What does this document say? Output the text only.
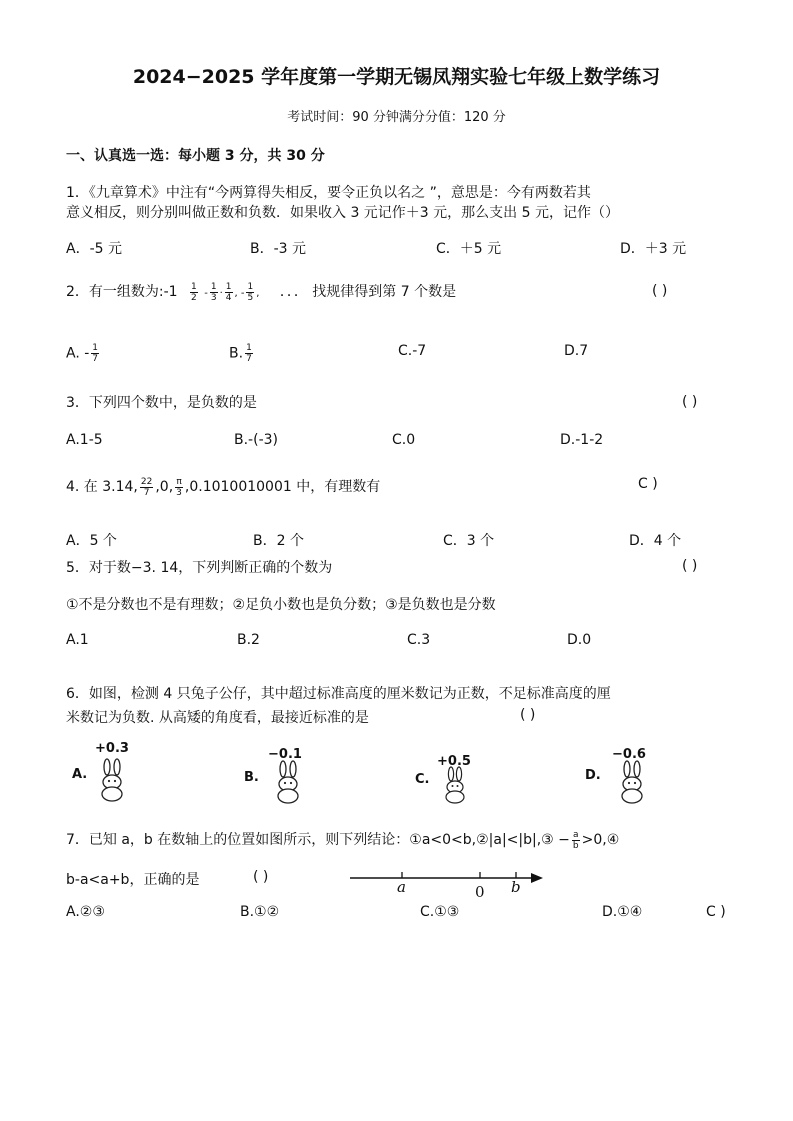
2024−2025 学年度第一学期无锡凤翔实验七年级上数学练习
考试时间：90 分钟满分分值：120 分
一、认真选一选：每小题 3 分，共 30 分
1．《九章算术》中注有“今两算得失相反，要令正负以名之 ”，意思是：今有两数若其
意义相反，则分别叫做正数和负数．如果收入 3 元记作＋3 元，那么支出 5 元，记作（）
A．-5 元	B．-3 元	C．＋5 元	D．＋3 元
2．有一组数为:-1 $\frac{1}{2} - \frac{1}{3} \cdot \frac{1}{4}$ , - $\frac{1}{5}$ , ．．． 找规律得到第 7 个数是	( )
A. - $\frac{1}{7}$	B. $\frac{1}{7}$	C.-7	D.7
3．下列四个数中，是负数的是	( )
A.1-5	B.-(-3)	C.0	D.-1-2
4. 在 3.14, $\frac{22}{7} ,0$, $\frac{\pi}{3} ,0.1010010001$ 中，有理数有	C )
A．5 个	B．2 个	C．3 个	D．4 个
5．对于数−3. 14，下列判断正确的个数为	( )
①不是分数也不是有理数；②足负小数也是负分数；③是负数也是分数
A.1	B.2	C.3	D.0
6．如图，检测 4 只兔子公仔，其中超过标准高度的厘米数记为正数，不足标准高度的厘
米数记为负数. 从高矮的角度看，最接近标准的是	( )
A.
+0.3
B.
−0.1
C.
+0.5
D.
−0.6
7．已知 a，b 在数轴上的位置如图所示，则下列结论：①a<0<b,②|a|<|b|,③ − $\frac{a}{b}$ >0,④
b-a<a+b，正确的是	( )
a	0 b
A.②③	B.①②	C.①③	D.①④	C )
